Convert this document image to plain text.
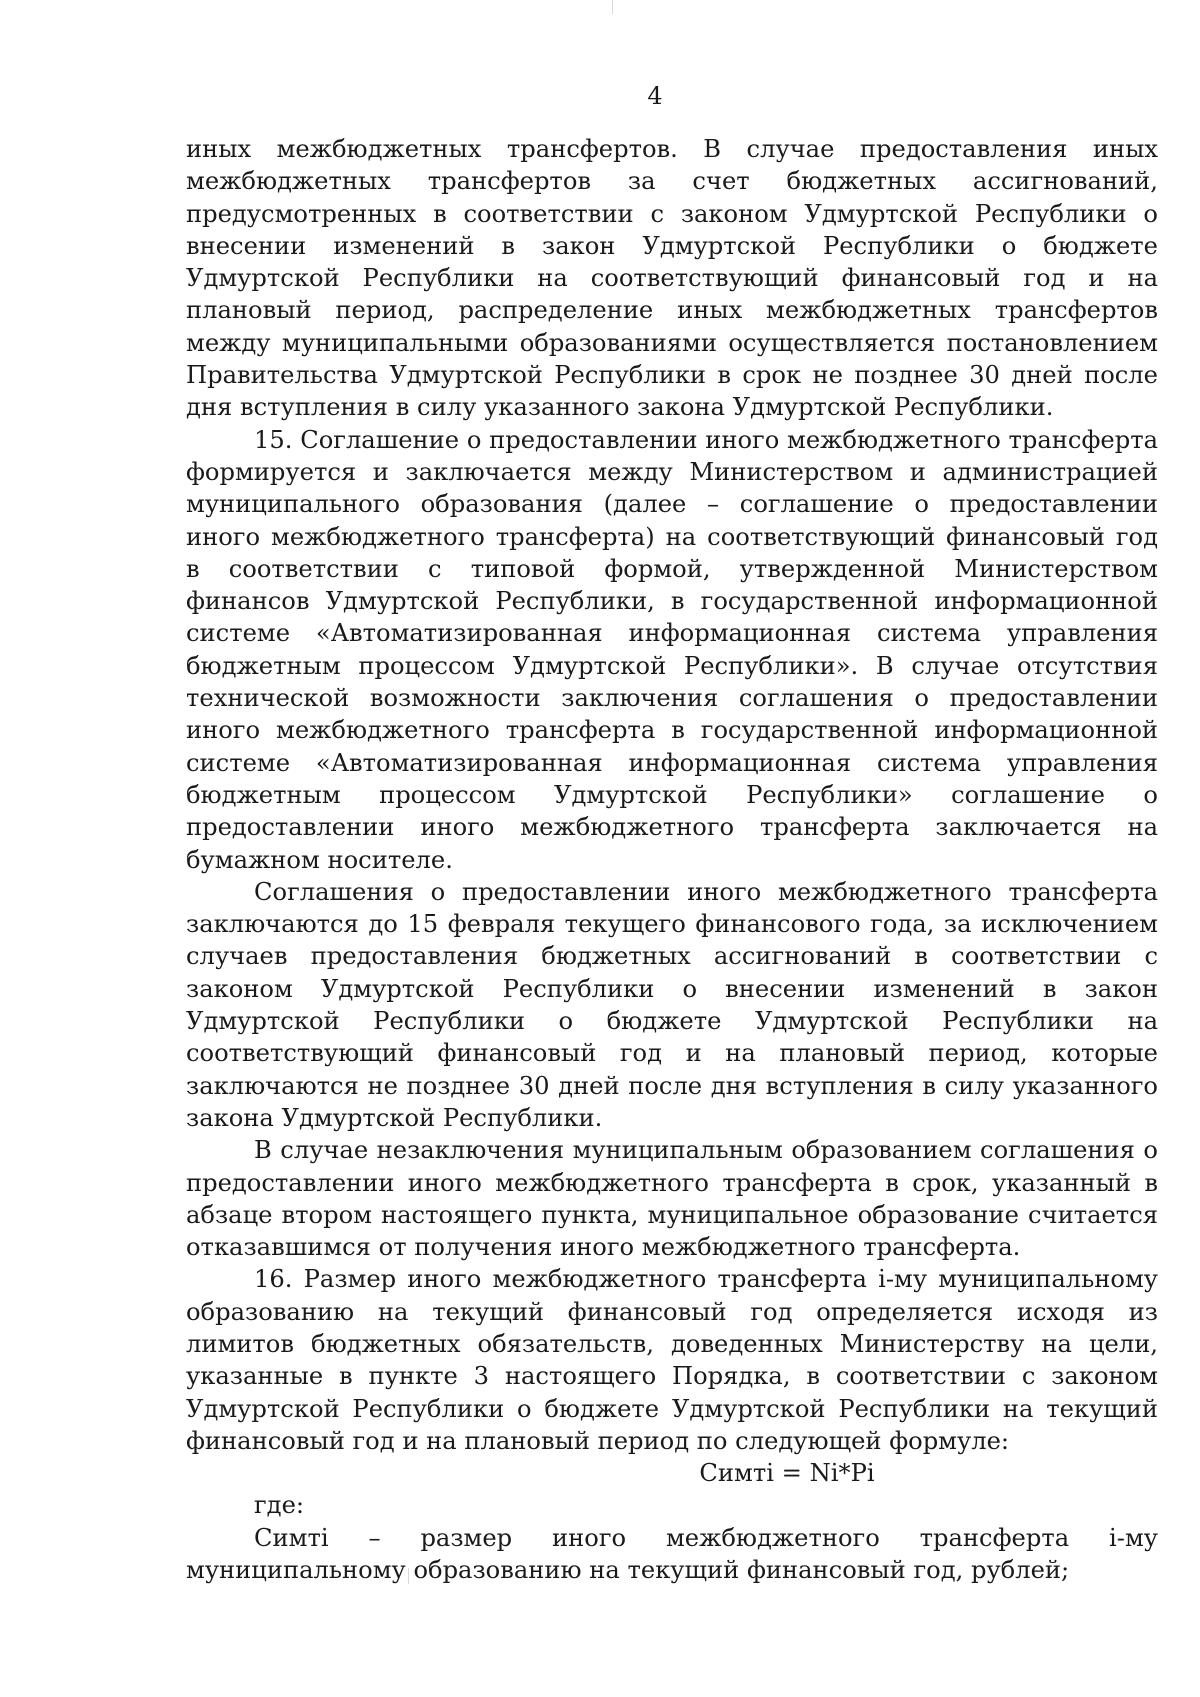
4

иных межбюджетных трансфертов. В случае предоставления иных межбюджетных трансфертов за счет бюджетных ассигнований, предусмотренных в соответствии с законом Удмуртской Республики о внесении изменений в закон Удмуртской Республики о бюджете Удмуртской Республики на соответствующий финансовый год и на плановый период, распределение иных межбюджетных трансфертов между муниципальными образованиями осуществляется постановлением Правительства Удмуртской Республики в срок не позднее 30 дней после дня вступления в силу указанного закона Удмуртской Республики.

15. Соглашение о предоставлении иного межбюджетного трансферта формируется и заключается между Министерством и администрацией муниципального образования (далее – соглашение о предоставлении иного межбюджетного трансферта) на соответствующий финансовый год в соответствии с типовой формой, утвержденной Министерством финансов Удмуртской Республики, в государственной информационной системе «Автоматизированная информационная система управления бюджетным процессом Удмуртской Республики». В случае отсутствия технической возможности заключения соглашения о предоставлении иного межбюджетного трансферта в государственной информационной системе «Автоматизированная информационная система управления бюджетным процессом Удмуртской Республики» соглашение о предоставлении иного межбюджетного трансферта заключается на бумажном носителе.

Соглашения о предоставлении иного межбюджетного трансферта заключаются до 15 февраля текущего финансового года, за исключением случаев предоставления бюджетных ассигнований в соответствии с законом Удмуртской Республики о внесении изменений в закон Удмуртской Республики о бюджете Удмуртской Республики на соответствующий финансовый год и на плановый период, которые заключаются не позднее 30 дней после дня вступления в силу указанного закона Удмуртской Республики.

В случае незаключения муниципальным образованием соглашения о предоставлении иного межбюджетного трансферта в срок, указанный в абзаце втором настоящего пункта, муниципальное образование считается отказавшимся от получения иного межбюджетного трансферта.

16. Размер иного межбюджетного трансферта i-му муниципальному образованию на текущий финансовый год определяется исходя из лимитов бюджетных обязательств, доведенных Министерству на цели, указанные в пункте 3 настоящего Порядка, в соответствии с законом Удмуртской Республики о бюджете Удмуртской Республики на текущий финансовый год и на плановый период по следующей формуле:

Симтi = Ni*Pi

где:

Симтi – размер иного межбюджетного трансферта i-му муниципальному образованию на текущий финансовый год, рублей;
